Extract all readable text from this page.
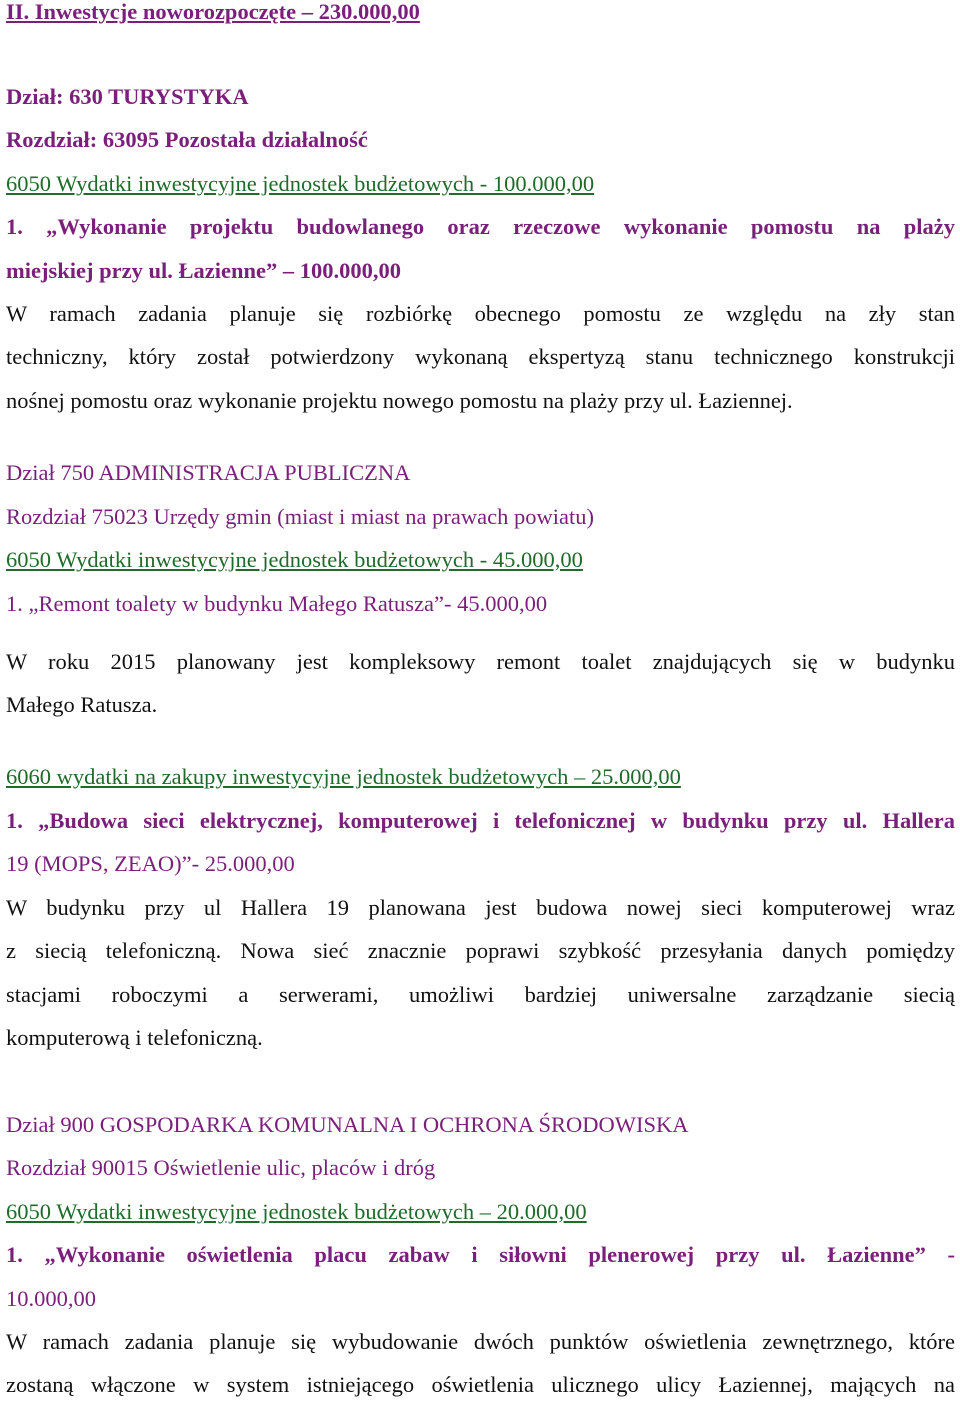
II. Inwestycje noworozpoczęte – 230.000,00
Dział: 630 TURYSTYKA
Rozdział: 63095 Pozostała działalność
6050 Wydatki inwestycyjne jednostek budżetowych - 100.000,00
1. „Wykonanie projektu budowlanego oraz rzeczowe wykonanie pomostu na plaży
miejskiej przy ul. Łazienne” – 100.000,00
W ramach zadania planuje się rozbiórkę obecnego pomostu ze względu na zły stan
techniczny, który został potwierdzony wykonaną ekspertyzą stanu technicznego konstrukcji
nośnej pomostu oraz wykonanie projektu nowego pomostu na plaży przy ul. Łaziennej.
Dział 750 ADMINISTRACJA PUBLICZNA
Rozdział 75023 Urzędy gmin (miast i miast na prawach powiatu)
6050 Wydatki inwestycyjne jednostek budżetowych - 45.000,00
1. „Remont toalety w budynku Małego Ratusza”- 45.000,00
W roku 2015 planowany jest kompleksowy remont toalet znajdujących się w budynku
Małego Ratusza.
6060 wydatki na zakupy inwestycyjne jednostek budżetowych – 25.000,00
1. „Budowa sieci elektrycznej, komputerowej i telefonicznej w budynku przy ul. Hallera
19 (MOPS, ZEAO)”- 25.000,00
W budynku przy ul Hallera 19 planowana jest budowa nowej sieci komputerowej wraz
z siecią telefoniczną. Nowa sieć znacznie poprawi szybkość przesyłania danych pomiędzy
stacjami roboczymi a serwerami, umożliwi bardziej uniwersalne zarządzanie siecią
komputerową i telefoniczną.
Dział 900 GOSPODARKA KOMUNALNA I OCHRONA ŚRODOWISKA
Rozdział 90015 Oświetlenie ulic, placów i dróg
6050 Wydatki inwestycyjne jednostek budżetowych – 20.000,00
1. „Wykonanie oświetlenia placu zabaw i siłowni plenerowej przy ul. Łazienne” -
10.000,00
W ramach zadania planuje się wybudowanie dwóch punktów oświetlenia zewnętrznego, które
zostaną włączone w system istniejącego oświetlenia ulicznego ulicy Łaziennej, mających na
